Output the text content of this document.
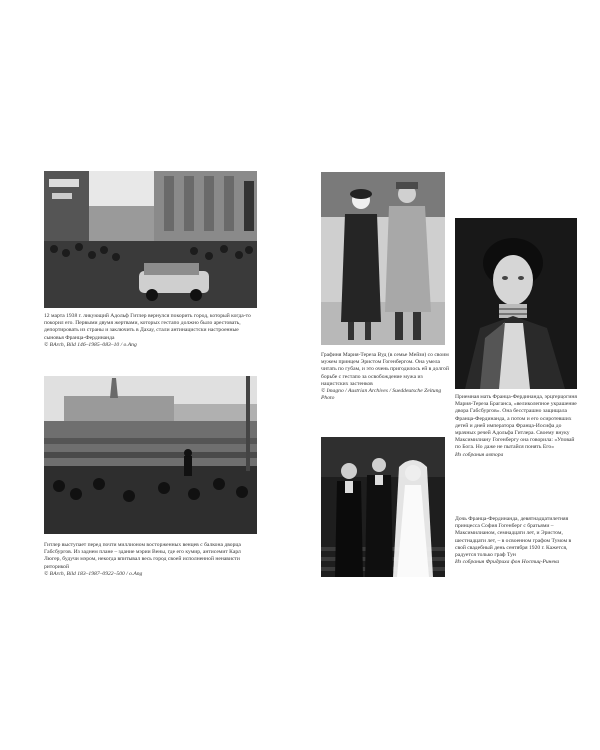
12 марта 1938 г. ликующий Адольф Гитлер вернулся покорить город, который когда-то покорил его. Первыми двумя жертвами, которых гестапо должно было арестовать, депортировать из страны и заключить в Дахау, стали антинацистски настроенные сыновья Франца-Фердинанда
© BArch, Bild 146–1985–083–10 / o.Ang
Гитлер выступает перед почти миллионом восторженных венцев с балкона дворца Габсбургов. Из заднем плане – здание мэрии Вены, где его кумир, антисемит Карл Люгер, будучи мэром, некогда впитывал весь город своей исполненной ненависти риторикой
© BArch, Bild 183–1987–0922–500 / o.Ang
Графиня Мария-Тереза Вуд (в семье Мейзи) со своим мужем принцем Эристом Гогенбергом. Она умела читать по губам, и это очень пригодилось ей в долгой борьбе с гестапо за освобождение мужа из нацистских застенков
© Imagno / Austrian Archives / Sueddeutsche Zeitung Photo	Приемная мать Франца-Фердинанда, эрцгерцогиня Мария-Тереза Браганса, «великолепное украшение двора Габсбургов». Она бесстрашно защищала Франца-Фердинанда, а потом и его осиротевших детей и дней императора Франца-Иосифа до мрачных речей Адольфа Гитлера. Своему внуку Максимилиану Гогенбергу она говорила: «Уповай по Бога. Но даже не пытайся понять Его»
Из собрания автора
Дочь Франца-Фердинанда, девятнадцатилетняя принцесса София Гогенберг с братьями – Максимилианом, семнадцати лет, и Эристом, шестнадцати лет, – в освоенном графом Тумом в свой свадебный день сентября 1920 г. Кажется, радуется только граф Тун
Из собрания Фридриха фон Ностиц-Ринека
